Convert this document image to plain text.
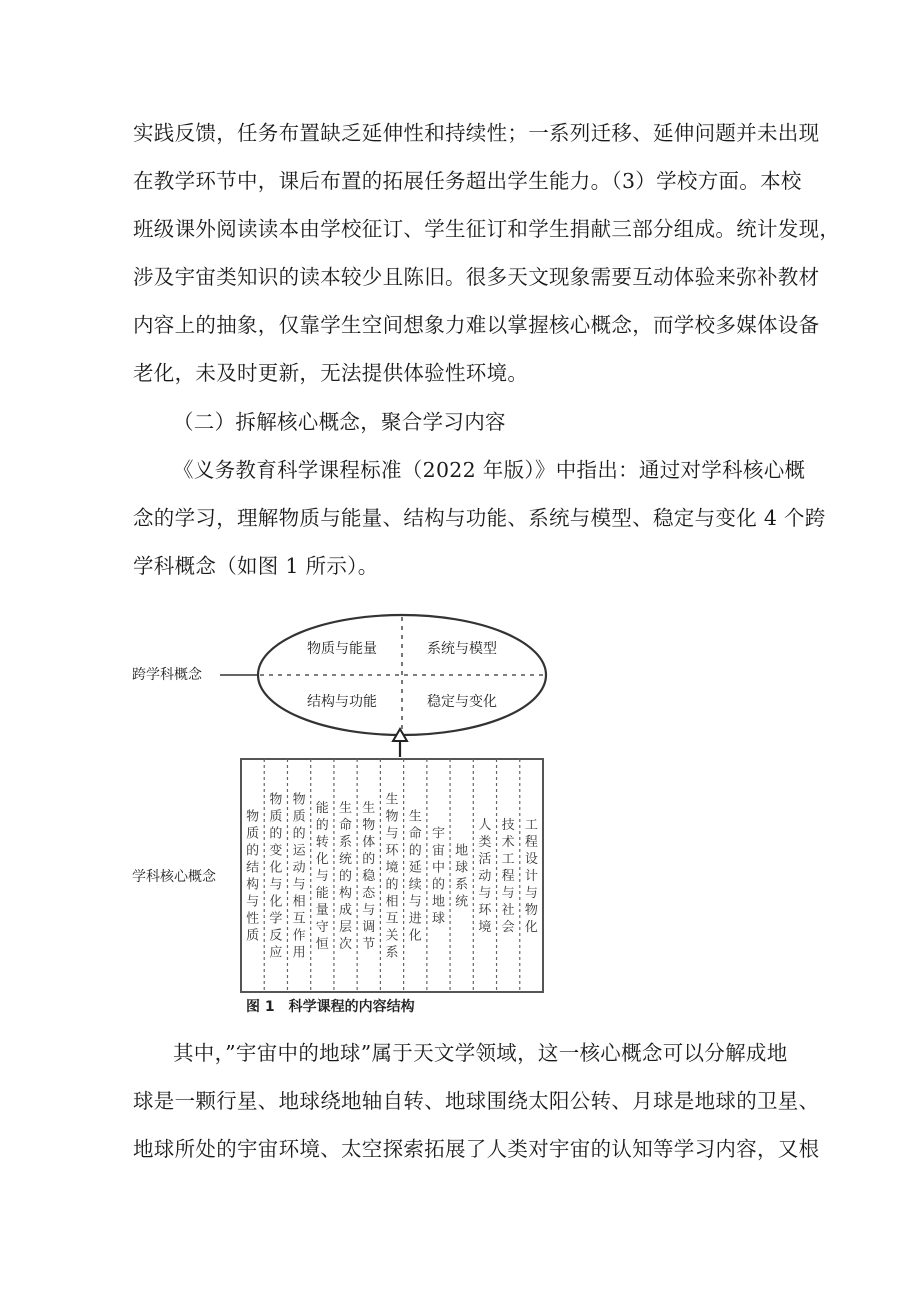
实践反馈，任务布置缺乏延伸性和持续性；一系列迁移、延伸问题并未出现
在教学环节中，课后布置的拓展任务超出学生能力。（3）学校方面。本校
班级课外阅读读本由学校征订、学生征订和学生捐献三部分组成。统计发现，
涉及宇宙类知识的读本较少且陈旧。很多天文现象需要互动体验来弥补教材
内容上的抽象，仅靠学生空间想象力难以掌握核心概念，而学校多媒体设备
老化，未及时更新，无法提供体验性环境。
（二）拆解核心概念，聚合学习内容
《义务教育科学课程标准（2022 年版）》中指出：通过对学科核心概
念的学习，理解物质与能量、结构与功能、系统与模型、稳定与变化 4 个跨
学科概念（如图 1 所示）。
物质与能量	系统与模型
结构与功能	稳定与变化
跨学科概念
物质的结构与性质
物质的变化与化学反应
物质的运动与相互作用
能的转化与能量守恒
生命系统的构成层次
生物体的稳态与调节
生物与环境的相互关系
生命的延续与进化
宇宙中的地球
地球系统
人类活动与环境
技术工程与社会
工程设计与物化
学科核心概念
图 1　科学课程的内容结构
其中，”宇宙中的地球”属于天文学领域，这一核心概念可以分解成地
球是一颗行星、地球绕地轴自转、地球围绕太阳公转、月球是地球的卫星、
地球所处的宇宙环境、太空探索拓展了人类对宇宙的认知等学习内容，又根
